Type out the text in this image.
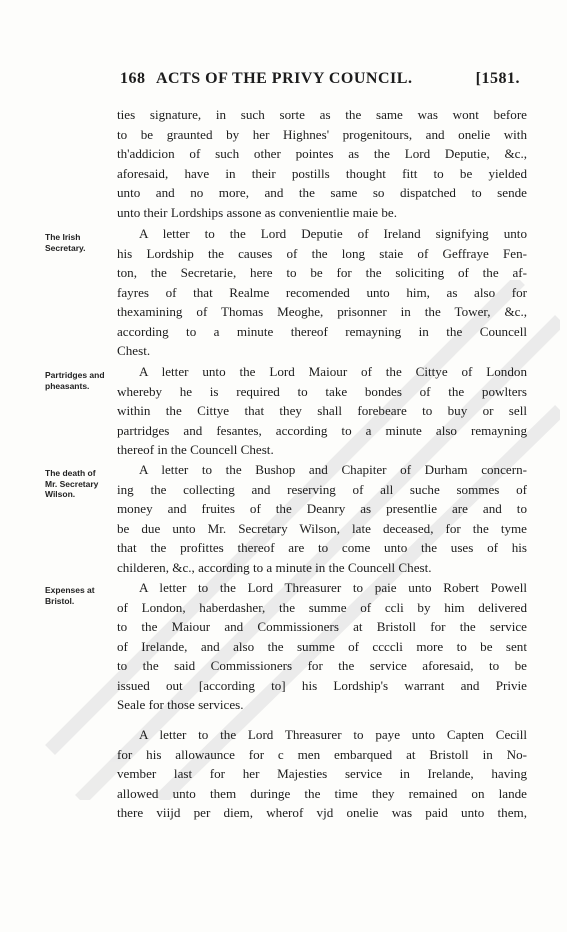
168 ACTS OF THE PRIVY COUNCIL.	[1581.
ties signature, in such sorte as the same was wont before
to be graunted by her Highnes' progenitours, and onelie with
th'addicion of such other pointes as the Lord Deputie, &c.,
aforesaid, have in their postills thought fitt to be yielded
unto and no more, and the same so dispatched to sende
unto their Lordships assone as convenientlie maie be.
The Irish
Secretary.
A letter to the Lord Deputie of Ireland signifying unto
his Lordship the causes of the long staie of Geffraye Fen-
ton, the Secretarie, here to be for the soliciting of the af-
fayres of that Realme recomended unto him, as also for
thexamining of Thomas Meoghe, prisonner in the Tower, &c.,
according to a minute thereof remayning in the Councell
Chest.
Partridges and
pheasants.
A letter unto the Lord Maiour of the Cittye of London
whereby he is required to take bondes of the powlters
within the Cittye that they shall forebeare to buy or sell
partridges and fesantes, according to a minute also remayning
thereof in the Councell Chest.
The death of
Mr. Secretary
Wilson.
A letter to the Bushop and Chapiter of Durham concern-
ing the collecting and reserving of all suche sommes of
money and fruites of the Deanry as presentlie are and to
be due unto Mr. Secretary Wilson, late deceased, for the tyme
that the profittes thereof are to come unto the uses of his
childeren, &c., according to a minute in the Councell Chest.
Expenses at
Bristol.
A letter to the Lord Threasurer to paie unto Robert Powell
of London, haberdasher, the summe of ccli by him delivered
to the Maiour and Commissioners at Bristoll for the service
of Irelande, and also the summe of ccccli more to be sent
to the said Commissioners for the service aforesaid, to be
issued out [according to] his Lordship's warrant and Privie
Seale for those services.
A letter to the Lord Threasurer to paye unto Capten Cecill
for his allowaunce for c men embarqued at Bristoll in No-
vember last for her Majesties service in Irelande, having
allowed unto them duringe the time they remained on lande
there viijd per diem, wherof vjd onelie was paid unto them,
